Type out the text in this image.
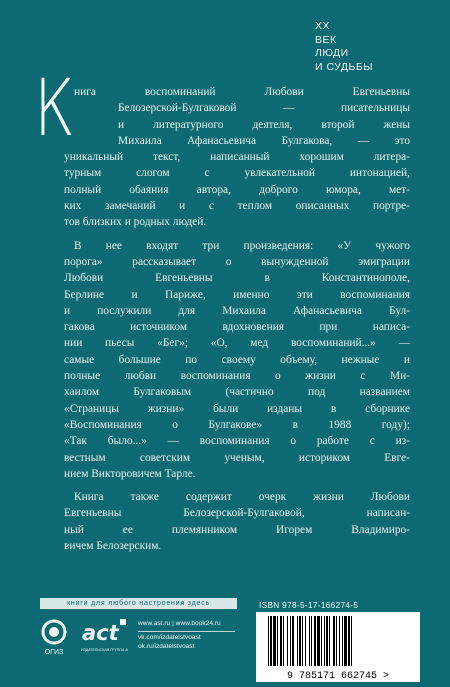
XX
ВЕК
ЛЮДИ
И СУДЬБЫ
К нига воспоминаний Любови Евгеньевны
Белозерской-Булгаковой — писательницы
и литературного деятеля, второй жены
Михаила Афанасьевича Булгакова, — это
уникальный текст, написанный хорошим литера-
турным слогом с увлекательной интонацией,
полный обаяния автора, доброго юмора, мет-
ких замечаний и с теплом описанных портре-
тов близких и родных людей.
В нее входят три произведения: «У чужого
порога» рассказывает о вынужденной эмиграции
Любови Евгеньевны в Константинополе,
Берлине и Париже, именно эти воспоминания
и послужили для Михаила Афанасьевича Бул-
гакова источником вдохновения при написа-
нии пьесы «Бег»; «О, мед воспоминаний...» —
самые большие по своему объему, нежные и
полные любви воспоминания о жизни с Ми-
хаилом Булгаковым (частично под названием
«Страницы жизни» были изданы в сборнике
«Воспоминания о Булгакове» в 1988 году);
«Так было...» — воспоминания о работе с из-
вестным советским ученым, историком Евге-
нием Викторовичем Тарле.
Книга также содержит очерк жизни Любови
Евгеньевны Белозерской-Булгаковой, написан-
ный ее племянником Игорем Владимиро-
вичем Белозерским.
книги для любого настроения здесь
ОГИЗ
act
ИЗДАТЕЛЬСКАЯ ГРУППА АСТ
www.ast.ru | www.book24.ru
vk.com/izdatelstvoast
ok.ru/izdatelstvoast
ISBN 978-5-17-166274-5
9 785171 662745 >
